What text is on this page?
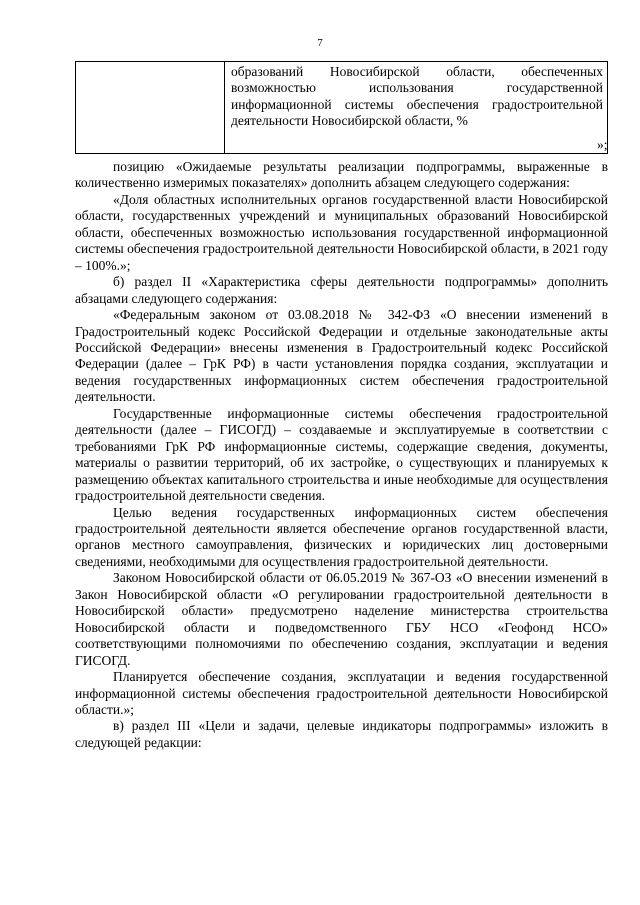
7
	образований Новосибирской области, обеспеченных возможностью использования государственной информационной системы обеспечения градостроительной деятельности Новосибирской области, %
»;

позицию «Ожидаемые результаты реализации подпрограммы, выраженные в количественно измеримых показателях» дополнить абзацем следующего содержания:

«Доля областных исполнительных органов государственной власти Новосибирской области, государственных учреждений и муниципальных образований Новосибирской области, обеспеченных возможностью использования государственной информационной системы обеспечения градостроительной деятельности Новосибирской области, в 2021 году – 100%.»;

б) раздел II «Характеристика сферы деятельности подпрограммы» дополнить абзацами следующего содержания:

«Федеральным законом от 03.08.2018 № 342-ФЗ «О внесении изменений в Градостроительный кодекс Российской Федерации и отдельные законодательные акты Российской Федерации» внесены изменения в Градостроительный кодекс Российской Федерации (далее – ГрК РФ) в части установления порядка создания, эксплуатации и ведения государственных информационных систем обеспечения градостроительной деятельности.

Государственные информационные системы обеспечения градостроительной деятельности (далее – ГИСОГД) – создаваемые и эксплуатируемые в соответствии с требованиями ГрК РФ информационные системы, содержащие сведения, документы, материалы о развитии территорий, об их застройке, о существующих и планируемых к размещению объектах капитального строительства и иные необходимые для осуществления градостроительной деятельности сведения.

Целью ведения государственных информационных систем обеспечения градостроительной деятельности является обеспечение органов государственной власти, органов местного самоуправления, физических и юридических лиц достоверными сведениями, необходимыми для осуществления градостроительной деятельности.

Законом Новосибирской области от 06.05.2019 № 367-ОЗ «О внесении изменений в Закон Новосибирской области «О регулировании градостроительной деятельности в Новосибирской области» предусмотрено наделение министерства строительства Новосибирской области и подведомственного ГБУ НСО «Геофонд НСО» соответствующими полномочиями по обеспечению создания, эксплуатации и ведения ГИСОГД.

Планируется обеспечение создания, эксплуатации и ведения государственной информационной системы обеспечения градостроительной деятельности Новосибирской области.»;

в) раздел III «Цели и задачи, целевые индикаторы подпрограммы» изложить в следующей редакции:
